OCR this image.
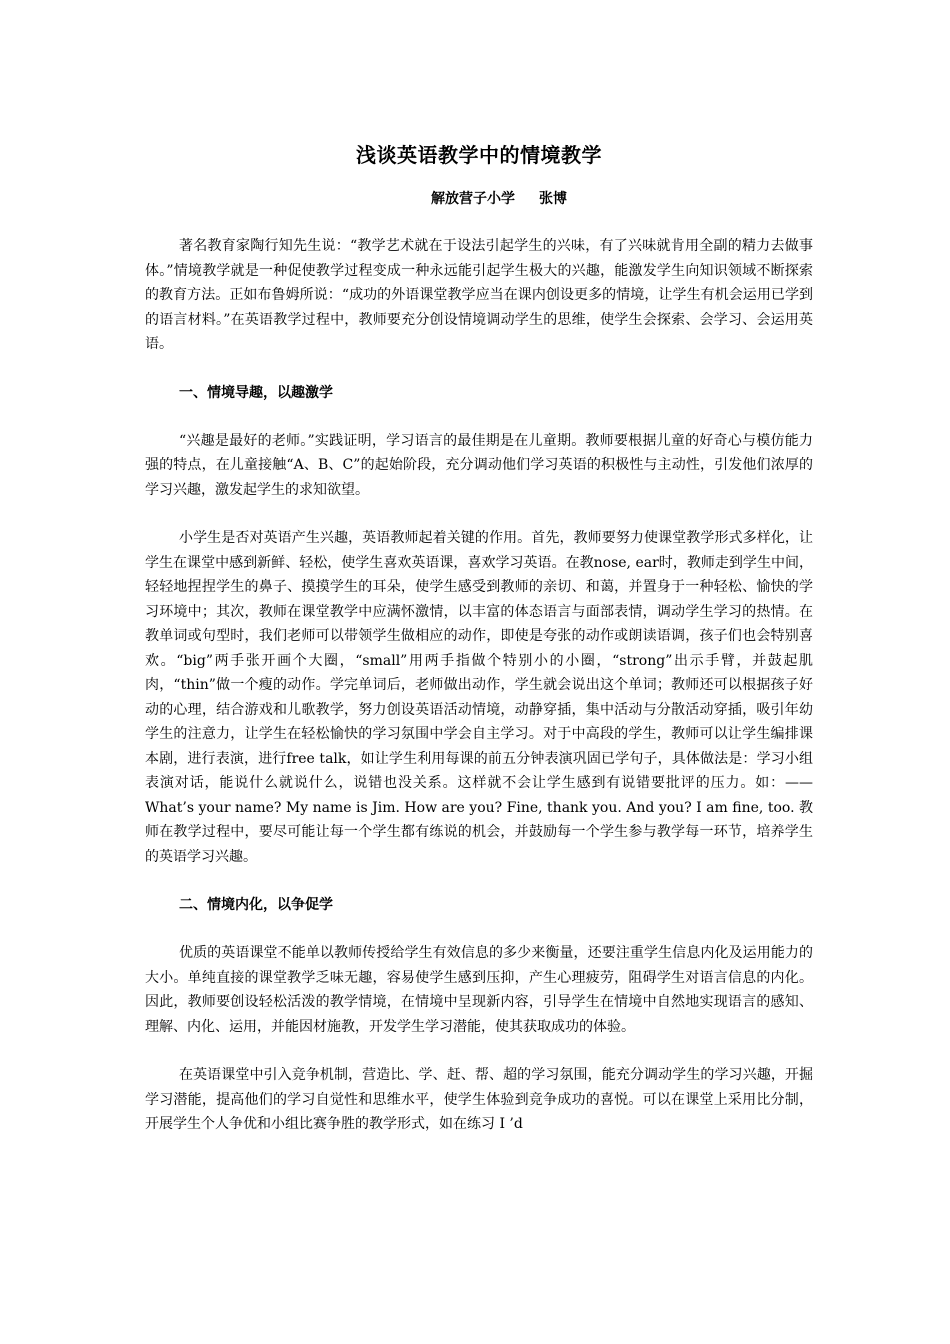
浅谈英语教学中的情境教学
解放营子小学 张博

著名教育家陶行知先生说：“教学艺术就在于设法引起学生的兴味，有了兴味就肯用全副的精力去做事体。”情境教学就是一种促使教学过程变成一种永远能引起学生极大的兴趣，能激发学生向知识领域不断探索的教育方法。正如布鲁姆所说：“成功的外语课堂教学应当在课内创设更多的情境，让学生有机会运用已学到的语言材料。”在英语教学过程中，教师要充分创设情境调动学生的思维，使学生会探索、会学习、会运用英语。

一、情境导趣，以趣激学

“兴趣是最好的老师。”实践证明，学习语言的最佳期是在儿童期。教师要根据儿童的好奇心与模仿能力强的特点，在儿童接触“A、B、C”的起始阶段，充分调动他们学习英语的积极性与主动性，引发他们浓厚的学习兴趣，激发起学生的求知欲望。

小学生是否对英语产生兴趣，英语教师起着关键的作用。首先，教师要努力使课堂教学形式多样化，让学生在课堂中感到新鲜、轻松，使学生喜欢英语课，喜欢学习英语。在教nose, ear时，教师走到学生中间，轻轻地捏捏学生的鼻子、摸摸学生的耳朵，使学生感受到教师的亲切、和蔼，并置身于一种轻松、愉快的学习环境中；其次，教师在课堂教学中应满怀激情，以丰富的体态语言与面部表情，调动学生学习的热情。在教单词或句型时，我们老师可以带领学生做相应的动作，即使是夸张的动作或朗读语调，孩子们也会特别喜欢。“big”两手张开画个大圈，“small”用两手指做个特别小的小圈，“strong”出示手臂，并鼓起肌肉，“thin”做一个瘦的动作。学完单词后，老师做出动作，学生就会说出这个单词；教师还可以根据孩子好动的心理，结合游戏和儿歌教学，努力创设英语活动情境，动静穿插，集中活动与分散活动穿插，吸引年幼学生的注意力，让学生在轻松愉快的学习氛围中学会自主学习。对于中高段的学生，教师可以让学生编排课本剧，进行表演，进行free talk，如让学生利用每课的前五分钟表演巩固已学句子，具体做法是：学习小组表演对话，能说什么就说什么，说错也没关系。这样就不会让学生感到有说错要批评的压力。如：—— What’s your name? My name is Jim. How are you? Fine, thank you. And you? I am fine, too. 教师在教学过程中，要尽可能让每一个学生都有练说的机会，并鼓励每一个学生参与教学每一环节，培养学生的英语学习兴趣。

二、情境内化，以争促学

优质的英语课堂不能单以教师传授给学生有效信息的多少来衡量，还要注重学生信息内化及运用能力的大小。单纯直接的课堂教学乏味无趣，容易使学生感到压抑，产生心理疲劳，阻碍学生对语言信息的内化。因此，教师要创设轻松活泼的教学情境，在情境中呈现新内容，引导学生在情境中自然地实现语言的感知、理解、内化、运用，并能因材施教，开发学生学习潜能，使其获取成功的体验。

在英语课堂中引入竞争机制，营造比、学、赶、帮、超的学习氛围，能充分调动学生的学习兴趣，开掘学习潜能，提高他们的学习自觉性和思维水平，使学生体验到竞争成功的喜悦。可以在课堂上采用比分制，开展学生个人争优和小组比赛争胜的教学形式，如在练习 I ’d
